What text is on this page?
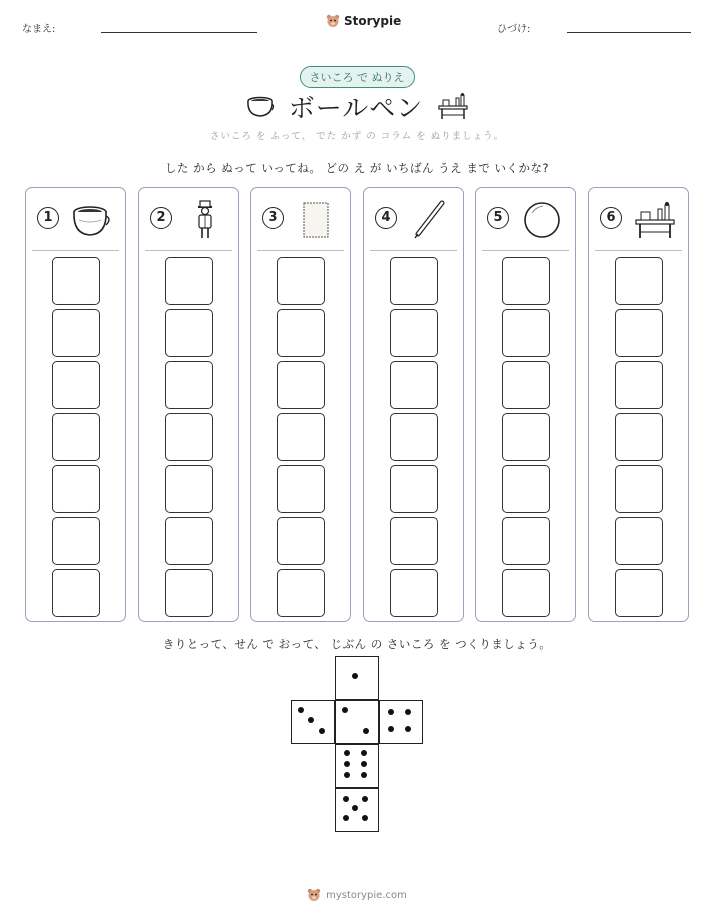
なまえ:
Storypie
ひづけ:
さいころ で ぬりえ
ボールペン
さいころ を ふって、 でた かず の コラム を ぬりましょう。
した から ぬって いってね。 どの え が いちばん うえ まで いくかな?
1	2	3	4	5	6
きりとって、せん で おって、 じぶん の さいころ を つくりましょう。
mystorypie.com
